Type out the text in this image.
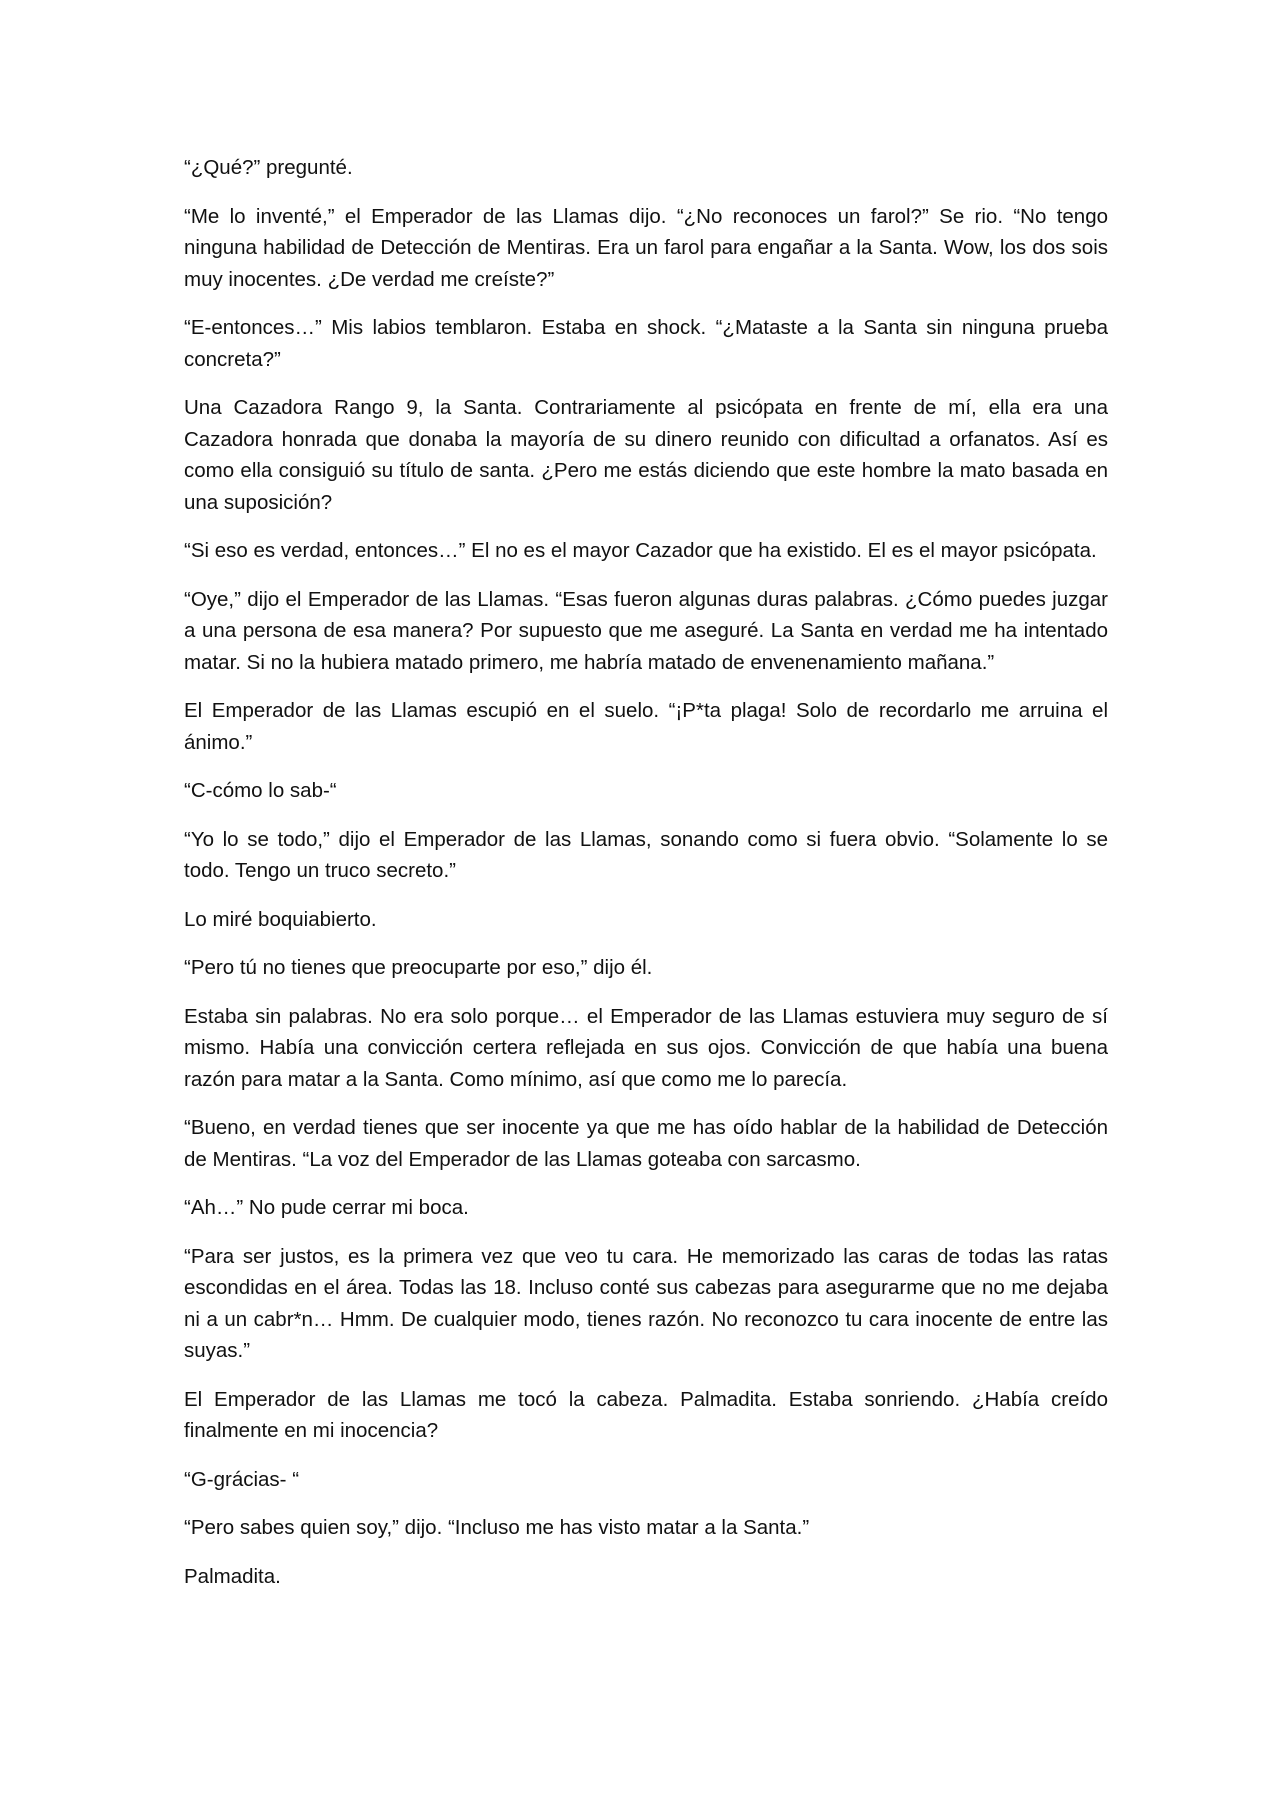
“¿Qué?” pregunté.

“Me lo inventé,” el Emperador de las Llamas dijo. “¿No reconoces un farol?” Se rio. “No tengo ninguna habilidad de Detección de Mentiras. Era un farol para engañar a la Santa. Wow, los dos sois muy inocentes. ¿De verdad me creíste?”

“E-entonces…” Mis labios temblaron. Estaba en shock. “¿Mataste a la Santa sin ninguna prueba concreta?”

Una Cazadora Rango 9, la Santa. Contrariamente al psicópata en frente de mí, ella era una Cazadora honrada que donaba la mayoría de su dinero reunido con dificultad a orfanatos. Así es como ella consiguió su título de santa. ¿Pero me estás diciendo que este hombre la mato basada en una suposición?

“Si eso es verdad, entonces…” El no es el mayor Cazador que ha existido. El es el mayor psicópata.

“Oye,” dijo el Emperador de las Llamas. “Esas fueron algunas duras palabras. ¿Cómo puedes juzgar a una persona de esa manera? Por supuesto que me aseguré. La Santa en verdad me ha intentado matar. Si no la hubiera matado primero, me habría matado de envenenamiento mañana.”

El Emperador de las Llamas escupió en el suelo. “¡P*ta plaga! Solo de recordarlo me arruina el ánimo.”

“C-cómo lo sab-“

“Yo lo se todo,” dijo el Emperador de las Llamas, sonando como si fuera obvio. “Solamente lo se todo. Tengo un truco secreto.”

Lo miré boquiabierto.

“Pero tú no tienes que preocuparte por eso,” dijo él.

Estaba sin palabras. No era solo porque… el Emperador de las Llamas estuviera muy seguro de sí mismo. Había una convicción certera reflejada en sus ojos. Convicción de que había una buena razón para matar a la Santa. Como mínimo, así que como me lo parecía.

“Bueno, en verdad tienes que ser inocente ya que me has oído hablar de la habilidad de Detección de Mentiras. “La voz del Emperador de las Llamas goteaba con sarcasmo.

“Ah…” No pude cerrar mi boca.

“Para ser justos, es la primera vez que veo tu cara. He memorizado las caras de todas las ratas escondidas en el área. Todas las 18. Incluso conté sus cabezas para asegurarme que no me dejaba ni a un cabr*n… Hmm. De cualquier modo, tienes razón. No reconozco tu cara inocente de entre las suyas.”

El Emperador de las Llamas me tocó la cabeza. Palmadita. Estaba sonriendo. ¿Había creído finalmente en mi inocencia?

“G-grácias- “

“Pero sabes quien soy,” dijo. “Incluso me has visto matar a la Santa.”

Palmadita.
